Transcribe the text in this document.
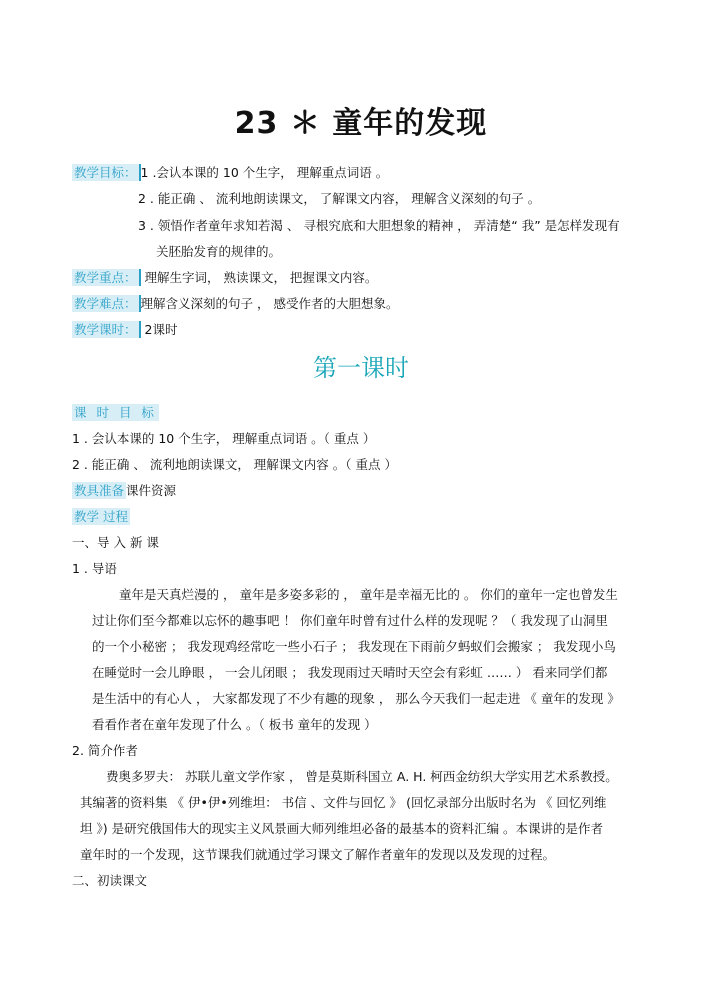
23 ＊ 童年的发现
教学目标： 1 .会认本课的 10 个生字， 理解重点词语 。
2 . 能正确 、 流利地朗读课文， 了解课文内容， 理解含义深刻的句子 。
3 . 领悟作者童年求知若渴 、 寻根究底和大胆想象的精神 ， 弄清楚“ 我” 是怎样发现有
关胚胎发育的规律的。
教学重点： 理解生字词， 熟读课文， 把握课文内容。
教学难点： 理解含义深刻的句子 ， 感受作者的大胆想象。
教学课时： 2课时
第一课时
课 时 目 标
1 . 会认本课的 10 个生字， 理解重点词语 。（ 重点 ）
2 . 能正确 、 流利地朗读课文， 理解课文内容 。（ 重点 ）
教具准备 课件资源
教学 过程
一、导 入 新 课
1 . 导语
童年是天真烂漫的 ， 童年是多姿多彩的 ， 童年是幸福无比的 。 你们的童年一定也曾发生
过让你们至今都难以忘怀的趣事吧 ！ 你们童年时曾有过什么样的发现呢 ？（ 我发现了山洞里
的一个小秘密 ； 我发现鸡经常吃一些小石子 ； 我发现在下雨前夕蚂蚁们会搬家 ； 我发现小鸟
在睡觉时一会儿睁眼 ， 一会儿闭眼 ； 我发现雨过天晴时天空会有彩虹 …… ） 看来同学们都
是生活中的有心人 ， 大家都发现了不少有趣的现象 ， 那么今天我们一起走进 《 童年的发现 》
看看作者在童年发现了什么 。（ 板书 童年的发现 ）
2. 简介作者
费奥多罗夫： 苏联儿童文学作家 ， 曾是莫斯科国立 A. H. 柯西金纺织大学实用艺术系教授。
其编著的资料集 《 伊•伊•列维坦： 书信 、文件与回忆 》 (回忆录部分出版时名为 《 回忆列维
坦 》) 是研究俄国伟大的现实主义风景画大师列维坦必备的最基本的资料汇编 。本课讲的是作者
童年时的一个发现，这节课我们就通过学习课文了解作者童年的发现以及发现的过程。
二、初读课文
